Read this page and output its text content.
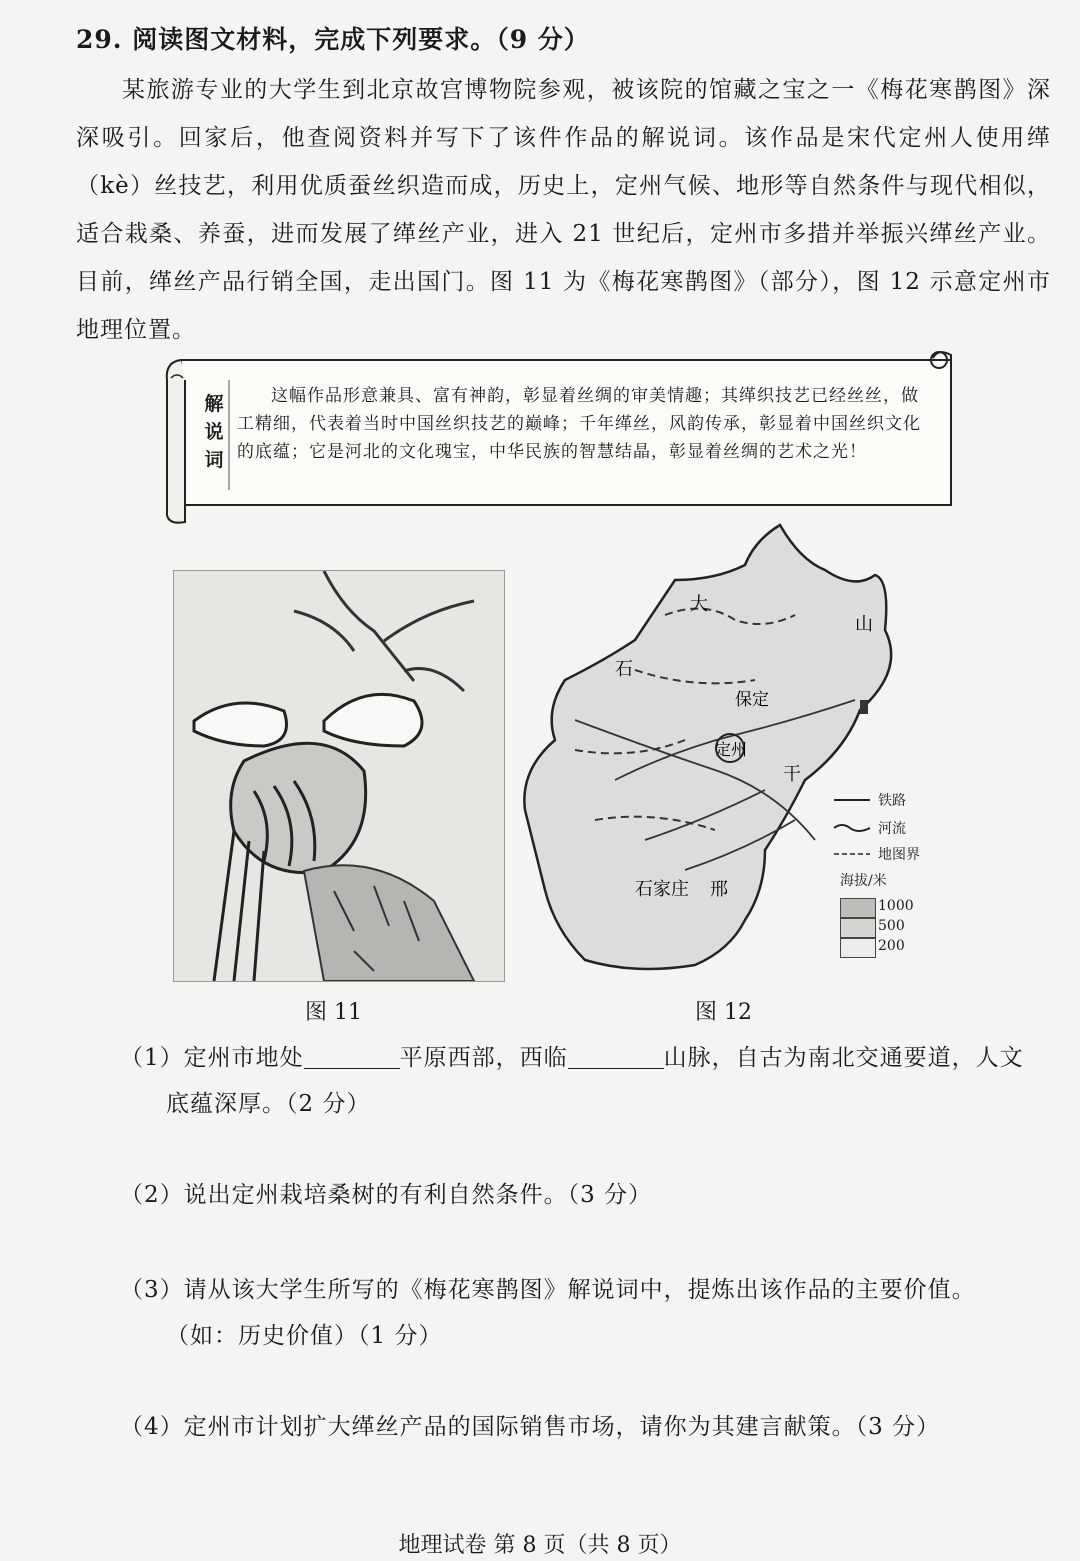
29. 阅读图文材料，完成下列要求。（9 分）
某旅游专业的大学生到北京故宫博物院参观，被该院的馆藏之宝之一《梅花寒鹊图》深深吸引。回家后，他查阅资料并写下了该件作品的解说词。该作品是宋代定州人使用缂（kè）丝技艺，利用优质蚕丝织造而成，历史上，定州气候、地形等自然条件与现代相似，适合栽桑、养蚕，进而发展了缂丝产业，进入 21 世纪后，定州市多措并举振兴缂丝产业。目前，缂丝产品行销全国，走出国门。图 11 为《梅花寒鹊图》（部分），图 12 示意定州市地理位置。
解
说
词
这幅作品形意兼具、富有神韵，彰显着丝绸的审美情趣；其缂织技艺已经丝丝，做工精细，代表着当时中国丝织技艺的巅峰；千年缂丝，风韵传承，彰显着中国丝织文化的底蕴；它是河北的文化瑰宝，中华民族的智慧结晶，彰显着丝绸的艺术之光！
大
山
石
保定
定州
干
石家庄 邢
铁路
河流
地图界
海拔/米
1000
500
200
图 11	图 12
（1）定州市地处	平原西部，西临	山脉，自古为南北交通要道，人文
底蕴深厚。（2 分）
（2）说出定州栽培桑树的有利自然条件。（3 分）
（3）请从该大学生所写的《梅花寒鹊图》解说词中，提炼出该作品的主要价值。
（如：历史价值）（1 分）
（4）定州市计划扩大缂丝产品的国际销售市场，请你为其建言献策。（3 分）
地理试卷 第 8 页（共 8 页）
